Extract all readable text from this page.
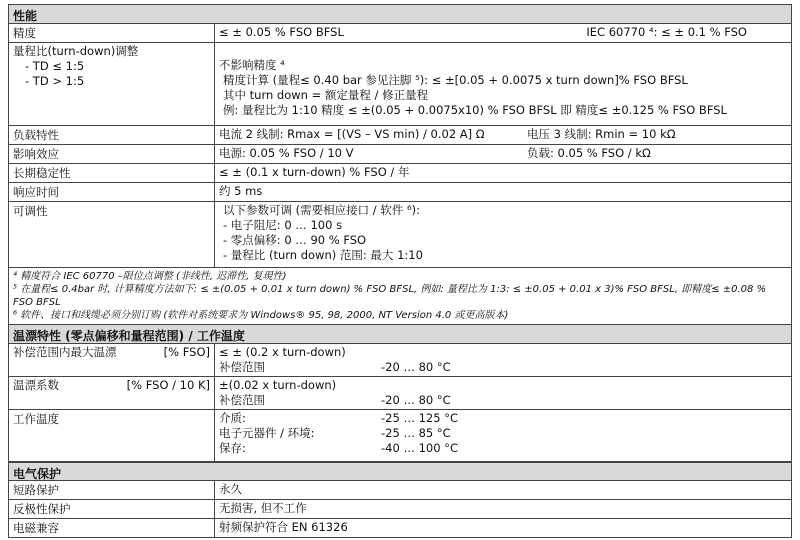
性能
精度	≤ ± 0.05 % FSO BFSL	IEC 60770 ⁴: ≤ ± 0.1 % FSO
量程比(turn-down)调整
- TD ≤ 1:5
- TD > 1:5
不影响精度 ⁴
精度计算 (量程≤ 0.40 bar 参见注脚 ⁵): ≤ ±[0.05 + 0.0075 x turn down]% FSO BFSL
其中 turn down = 额定量程 / 修正量程
例: 量程比为 1:10 精度 ≤ ±(0.05 + 0.0075x10) % FSO BFSL 即 精度≤ ±0.125 % FSO BFSL
负载特性	电流 2 线制: Rmax = [(VS – VS min) / 0.02 A] Ω	电压 3 线制: Rmin = 10 kΩ
影响效应	电源: 0.05 % FSO / 10 V	负载: 0.05 % FSO / kΩ
长期稳定性	≤ ± (0.1 x turn-down) % FSO / 年
响应时间	约 5 ms
可调性	以下参数可调 (需要相应接口 / 软件 ⁶):
- 电子阻尼: 0 … 100 s
- 零点偏移: 0 … 90 % FSO
- 量程比 (turn down) 范围: 最大 1:10
⁴ 精度符合 IEC 60770 –限位点调整 (非线性, 迟滞性, 复現性)
⁵ 在量程≤ 0.4bar 时, 计算精度方法如下: ≤ ±(0.05 + 0.01 x turn down) % FSO BFSL, 例如: 量程比为 1:3: ≤ ±0.05 + 0.01 x 3)% FSO BFSL, 即精度≤ ±0.08 %
FSO BFSL
⁶ 软件、接口和线缆必须分别订购 (软件对系统要求为 Windows® 95, 98, 2000, NT Version 4.0 或更高版本)
温漂特性 (零点偏移和量程范围) / 工作温度
补偿范围内最大温漂	[% FSO] ≤ ± (0.2 x turn-down)
补偿范围	-20 … 80 °C
温漂系数	[% FSO / 10 K] ±(0.02 x turn-down)
补偿范围	-20 … 80 °C
工作温度	介质:	-25 … 125 °C
电子元器件 / 环境:	-25 … 85 °C
保存:	-40 … 100 °C
电气保护
短路保护	永久
反极性保护	无损害, 但不工作
电磁兼容	射频保护符合 EN 61326
